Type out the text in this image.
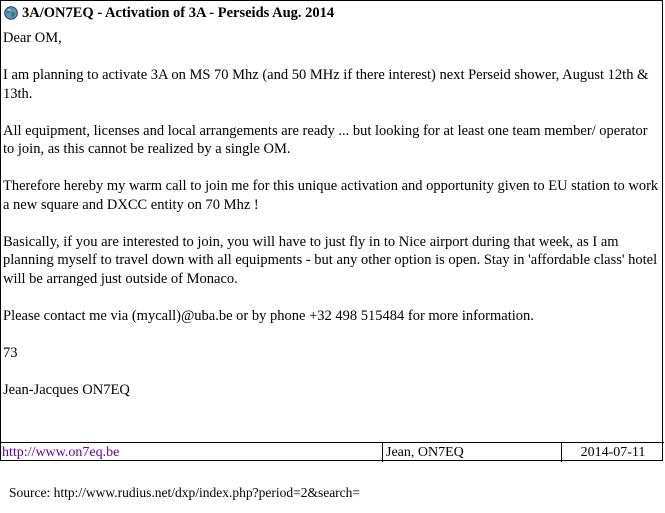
3A/ON7EQ - Activation of 3A - Perseids Aug. 2014

Dear OM,

I am planning to activate 3A on MS 70 Mhz (and 50 MHz if there interest) next Perseid shower, August 12th & 13th.

All equipment, licenses and local arrangements are ready ... but looking for at least one team member/ operator to join, as this cannot be realized by a single OM.

Therefore hereby my warm call to join me for this unique activation and opportunity given to EU station to work a new square and DXCC entity on 70 Mhz !

Basically, if you are interested to join, you will have to just fly in to Nice airport during that week, as I am planning myself to travel down with all equipments - but any other option is open. Stay in 'affordable class' hotel will be arranged just outside of Monaco.

Please contact me via (mycall)@uba.be or by phone +32 498 515484 for more information.

73

Jean-Jacques ON7EQ

http://www.on7eq.be	Jean, ON7EQ	2014-07-11
Source: http://www.rudius.net/dxp/index.php?period=2&search=
